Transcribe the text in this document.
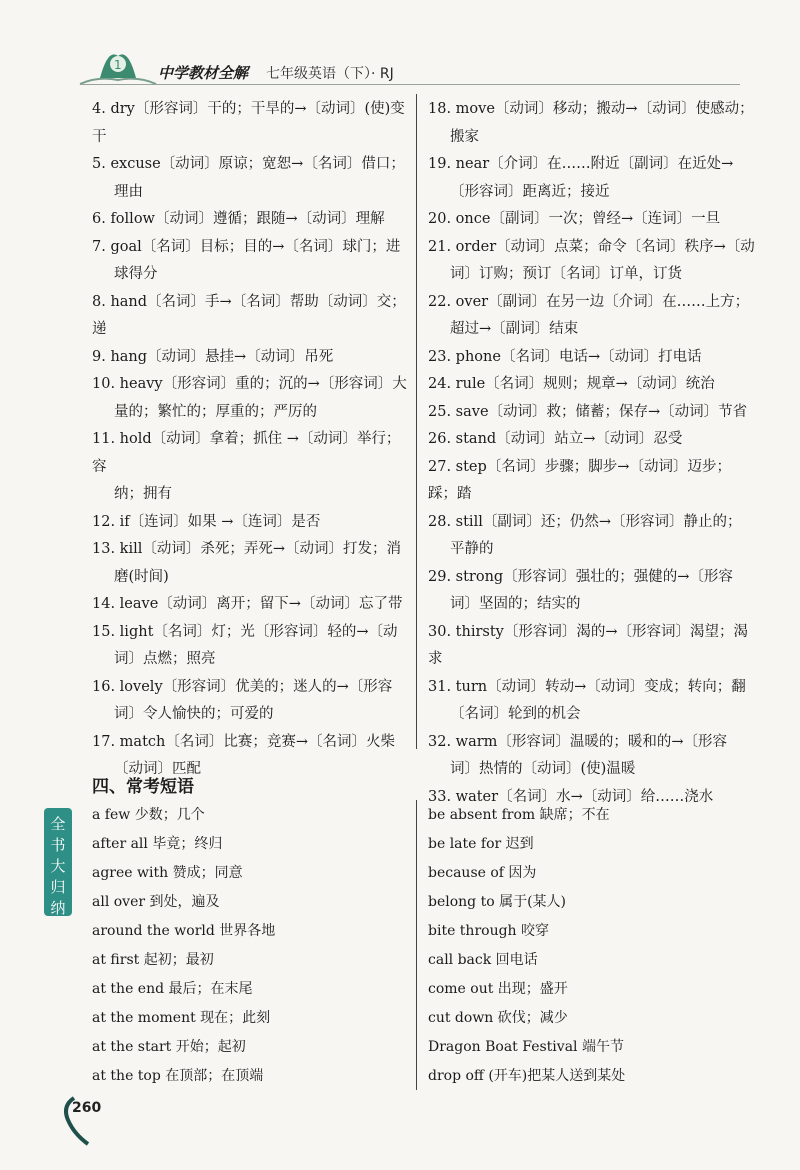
1 中学教材全解 七年级英语（下）· RJ
4. dry〔形容词〕干的；干旱的→〔动词〕(使)变干
5. excuse〔动词〕原谅；宽恕→〔名词〕借口；
理由
6. follow〔动词〕遵循；跟随→〔动词〕理解
7. goal〔名词〕目标；目的→〔名词〕球门；进
球得分
8. hand〔名词〕手→〔名词〕帮助〔动词〕交；递
9. hang〔动词〕悬挂→〔动词〕吊死
10. heavy〔形容词〕重的；沉的→〔形容词〕大
量的；繁忙的；厚重的；严厉的
11. hold〔动词〕拿着；抓住 →〔动词〕举行；容
纳；拥有
12. if〔连词〕如果 →〔连词〕是否
13. kill〔动词〕杀死；弄死→〔动词〕打发；消
磨(时间)
14. leave〔动词〕离开；留下→〔动词〕忘了带
15. light〔名词〕灯；光〔形容词〕轻的→〔动
词〕点燃；照亮
16. lovely〔形容词〕优美的；迷人的→〔形容
词〕令人愉快的；可爱的
17. match〔名词〕比赛；竞赛→〔名词〕火柴
〔动词〕匹配
18. move〔动词〕移动；搬动→〔动词〕使感动；
搬家
19. near〔介词〕在……附近〔副词〕在近处→
〔形容词〕距离近；接近
20. once〔副词〕一次；曾经→〔连词〕一旦
21. order〔动词〕点菜；命令〔名词〕秩序→〔动
词〕订购；预订〔名词〕订单，订货
22. over〔副词〕在另一边〔介词〕在……上方；
超过→〔副词〕结束
23. phone〔名词〕电话→〔动词〕打电话
24. rule〔名词〕规则；规章→〔动词〕统治
25. save〔动词〕救；储蓄；保存→〔动词〕节省
26. stand〔动词〕站立→〔动词〕忍受
27. step〔名词〕步骤；脚步→〔动词〕迈步；踩；踏
28. still〔副词〕还；仍然→〔形容词〕静止的；
平静的
29. strong〔形容词〕强壮的；强健的→〔形容
词〕坚固的；结实的
30. thirsty〔形容词〕渴的→〔形容词〕渴望；渴求
31. turn〔动词〕转动→〔动词〕变成；转向；翻
〔名词〕轮到的机会
32. warm〔形容词〕温暖的；暖和的→〔形容
词〕热情的〔动词〕(使)温暖
33. water〔名词〕水→〔动词〕给……浇水
四、常考短语
全
书
大
归
纳
a few 少数；几个
after all 毕竟；终归
agree with 赞成；同意
all over 到处，遍及
around the world 世界各地
at first 起初；最初
at the end 最后；在末尾
at the moment 现在；此刻
at the start 开始；起初
at the top 在顶部；在顶端
be absent from 缺席；不在
be late for 迟到
because of 因为
belong to 属于(某人)
bite through 咬穿
call back 回电话
come out 出现；盛开
cut down 砍伐；减少
Dragon Boat Festival 端午节
drop off (开车)把某人送到某处
260
